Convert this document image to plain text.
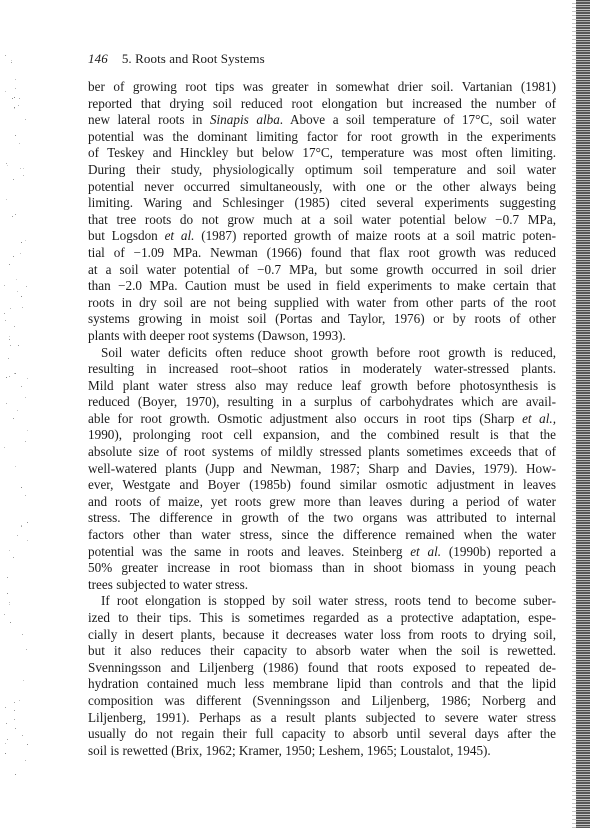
146 5. Roots and Root Systems
ber of growing root tips was greater in somewhat drier soil. Vartanian (1981)
reported that drying soil reduced root elongation but increased the number of
new lateral roots in Sinapis alba. Above a soil temperature of 17°C, soil water
potential was the dominant limiting factor for root growth in the experiments
of Teskey and Hinckley but below 17°C, temperature was most often limiting.
During their study, physiologically optimum soil temperature and soil water
potential never occurred simultaneously, with one or the other always being
limiting. Waring and Schlesinger (1985) cited several experiments suggesting
that tree roots do not grow much at a soil water potential below −0.7 MPa,
but Logsdon et al. (1987) reported growth of maize roots at a soil matric poten-
tial of −1.09 MPa. Newman (1966) found that flax root growth was reduced
at a soil water potential of −0.7 MPa, but some growth occurred in soil drier
than −2.0 MPa. Caution must be used in field experiments to make certain that
roots in dry soil are not being supplied with water from other parts of the root
systems growing in moist soil (Portas and Taylor, 1976) or by roots of other
plants with deeper root systems (Dawson, 1993).
Soil water deficits often reduce shoot growth before root growth is reduced,
resulting in increased root–shoot ratios in moderately water-stressed plants.
Mild plant water stress also may reduce leaf growth before photosynthesis is
reduced (Boyer, 1970), resulting in a surplus of carbohydrates which are avail-
able for root growth. Osmotic adjustment also occurs in root tips (Sharp et al.,
1990), prolonging root cell expansion, and the combined result is that the
absolute size of root systems of mildly stressed plants sometimes exceeds that of
well-watered plants (Jupp and Newman, 1987; Sharp and Davies, 1979). How-
ever, Westgate and Boyer (1985b) found similar osmotic adjustment in leaves
and roots of maize, yet roots grew more than leaves during a period of water
stress. The difference in growth of the two organs was attributed to internal
factors other than water stress, since the difference remained when the water
potential was the same in roots and leaves. Steinberg et al. (1990b) reported a
50% greater increase in root biomass than in shoot biomass in young peach
trees subjected to water stress.
If root elongation is stopped by soil water stress, roots tend to become suber-
ized to their tips. This is sometimes regarded as a protective adaptation, espe-
cially in desert plants, because it decreases water loss from roots to drying soil,
but it also reduces their capacity to absorb water when the soil is rewetted.
Svenningsson and Liljenberg (1986) found that roots exposed to repeated de-
hydration contained much less membrane lipid than controls and that the lipid
composition was different (Svenningsson and Liljenberg, 1986; Norberg and
Liljenberg, 1991). Perhaps as a result plants subjected to severe water stress
usually do not regain their full capacity to absorb until several days after the
soil is rewetted (Brix, 1962; Kramer, 1950; Leshem, 1965; Loustalot, 1945).
